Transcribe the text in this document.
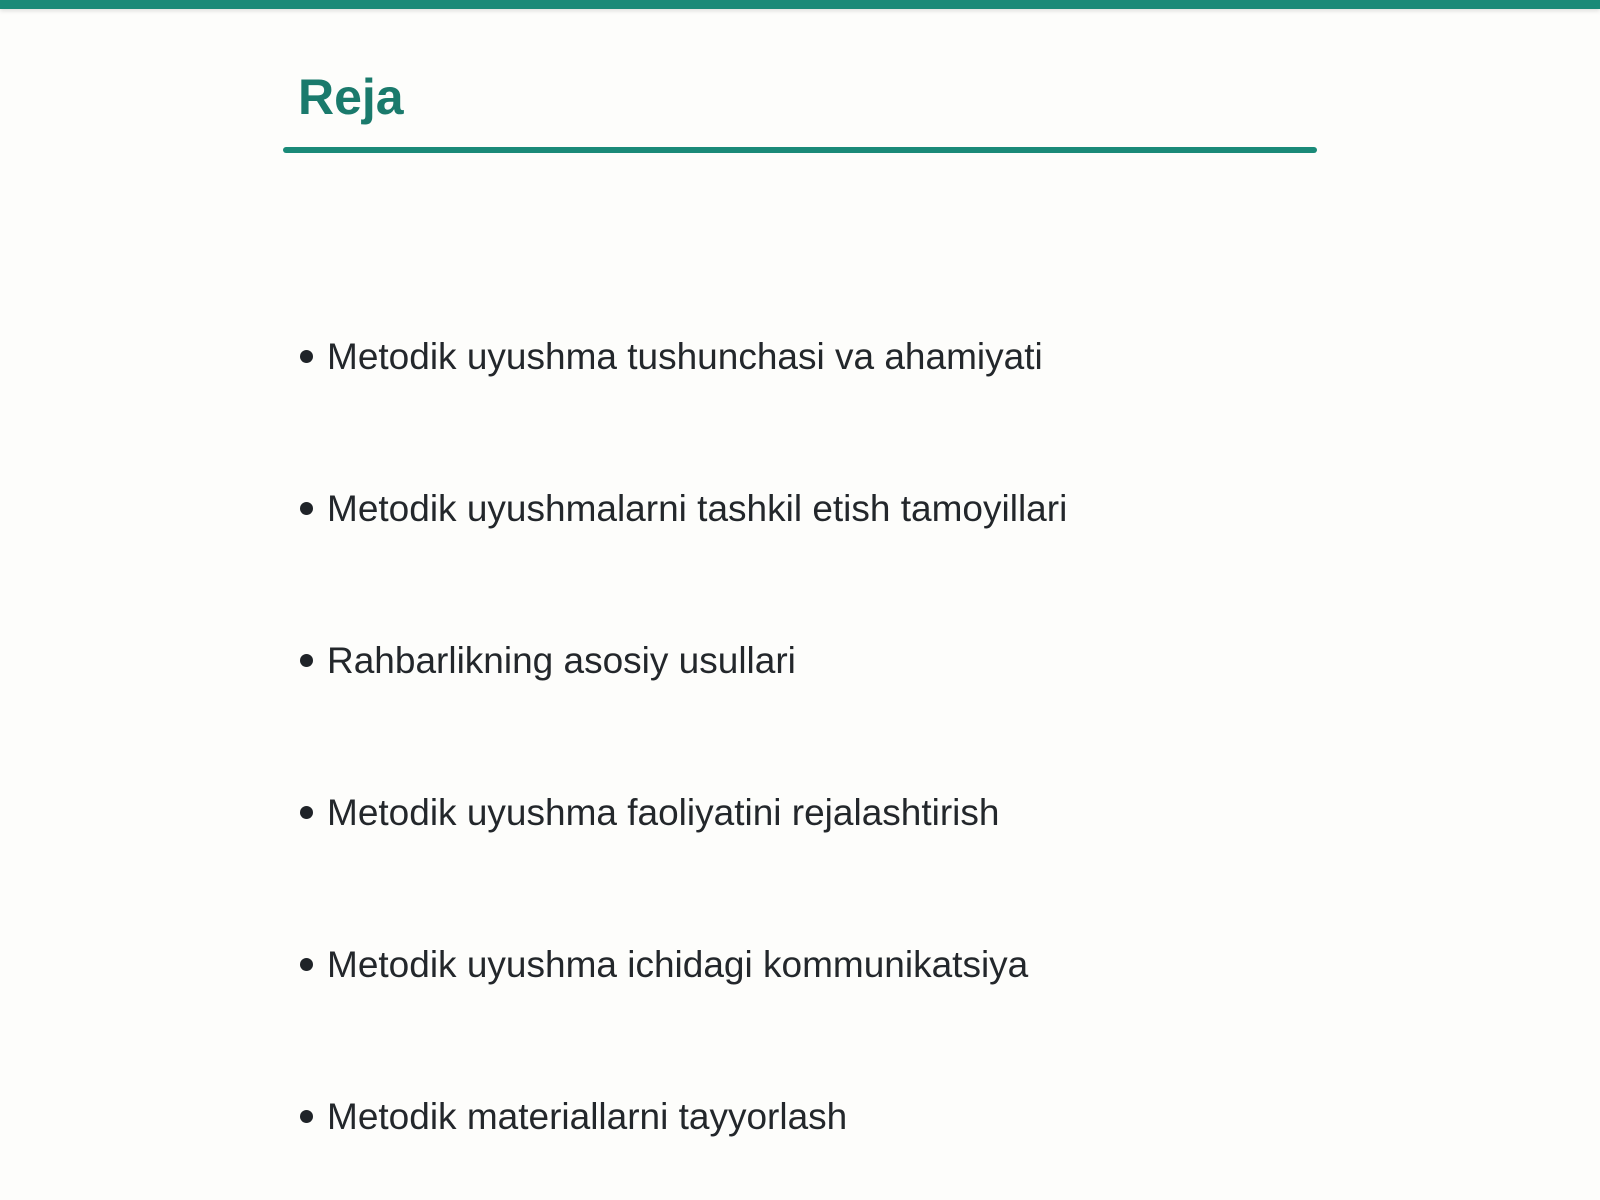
Reja
Metodik uyushma tushunchasi va ahamiyati
Metodik uyushmalarni tashkil etish tamoyillari
Rahbarlikning asosiy usullari
Metodik uyushma faoliyatini rejalashtirish
Metodik uyushma ichidagi kommunikatsiya
Metodik materiallarni tayyorlash
